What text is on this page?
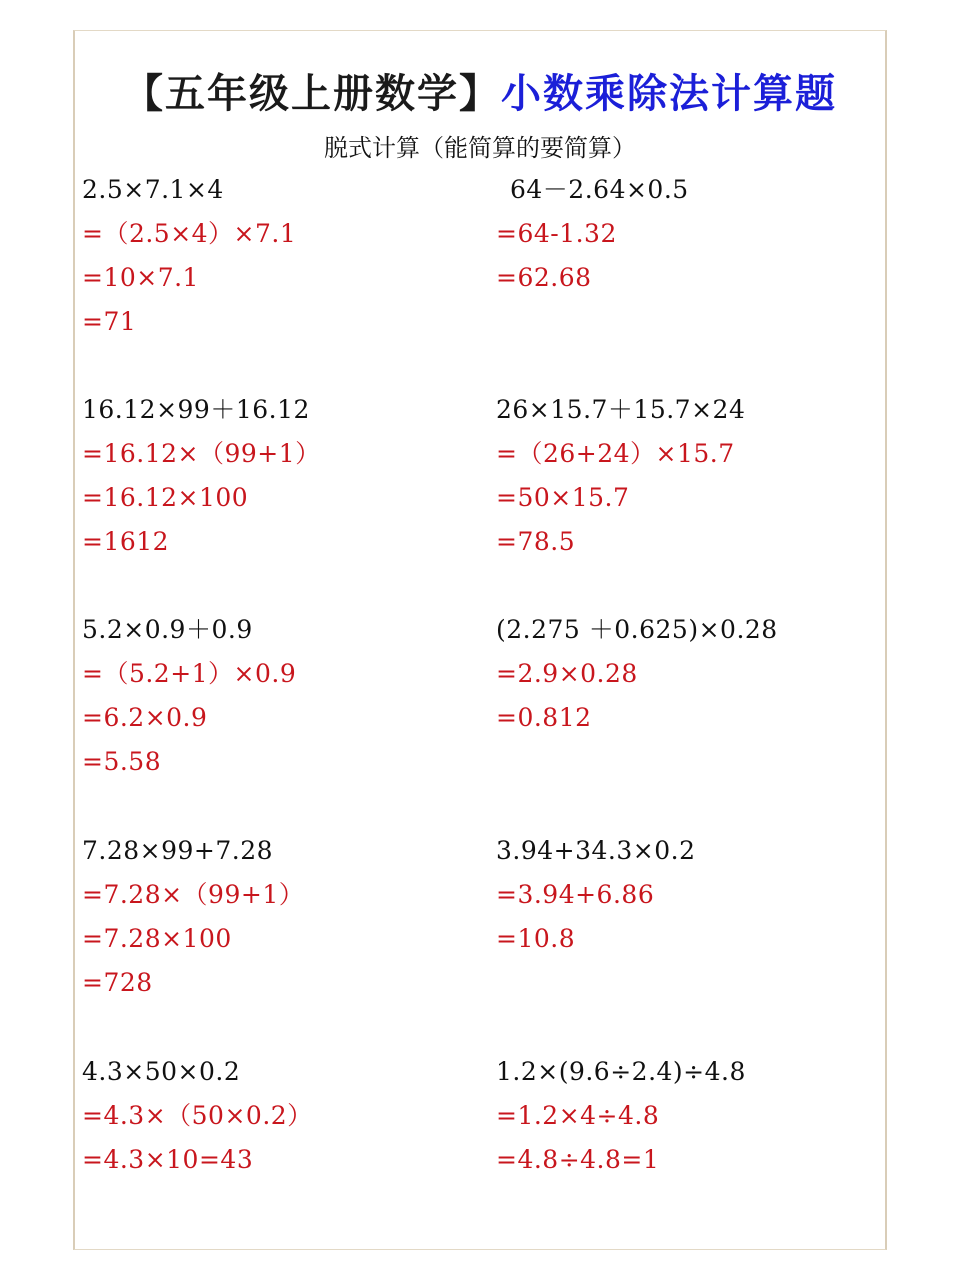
【五年级上册数学】小数乘除法计算题
脱式计算（能简算的要简算）
2.5×7.1×4
=（2.5×4）×7.1
=10×7.1
=71
64－2.64×0.5
=64-1.32
=62.68
16.12×99＋16.12
=16.12×（99+1）
=16.12×100
=1612
26×15.7＋15.7×24
=（26+24）×15.7
=50×15.7
=78.5
5.2×0.9＋0.9
=（5.2+1）×0.9
=6.2×0.9
=5.58
(2.275 ＋0.625)×0.28
=2.9×0.28
=0.812
7.28×99+7.28
=7.28×（99+1）
=7.28×100
=728
3.94+34.3×0.2
=3.94+6.86
=10.8
4.3×50×0.2
=4.3×（50×0.2）
=4.3×10=43
1.2×(9.6÷2.4)÷4.8
=1.2×4÷4.8
=4.8÷4.8=1
